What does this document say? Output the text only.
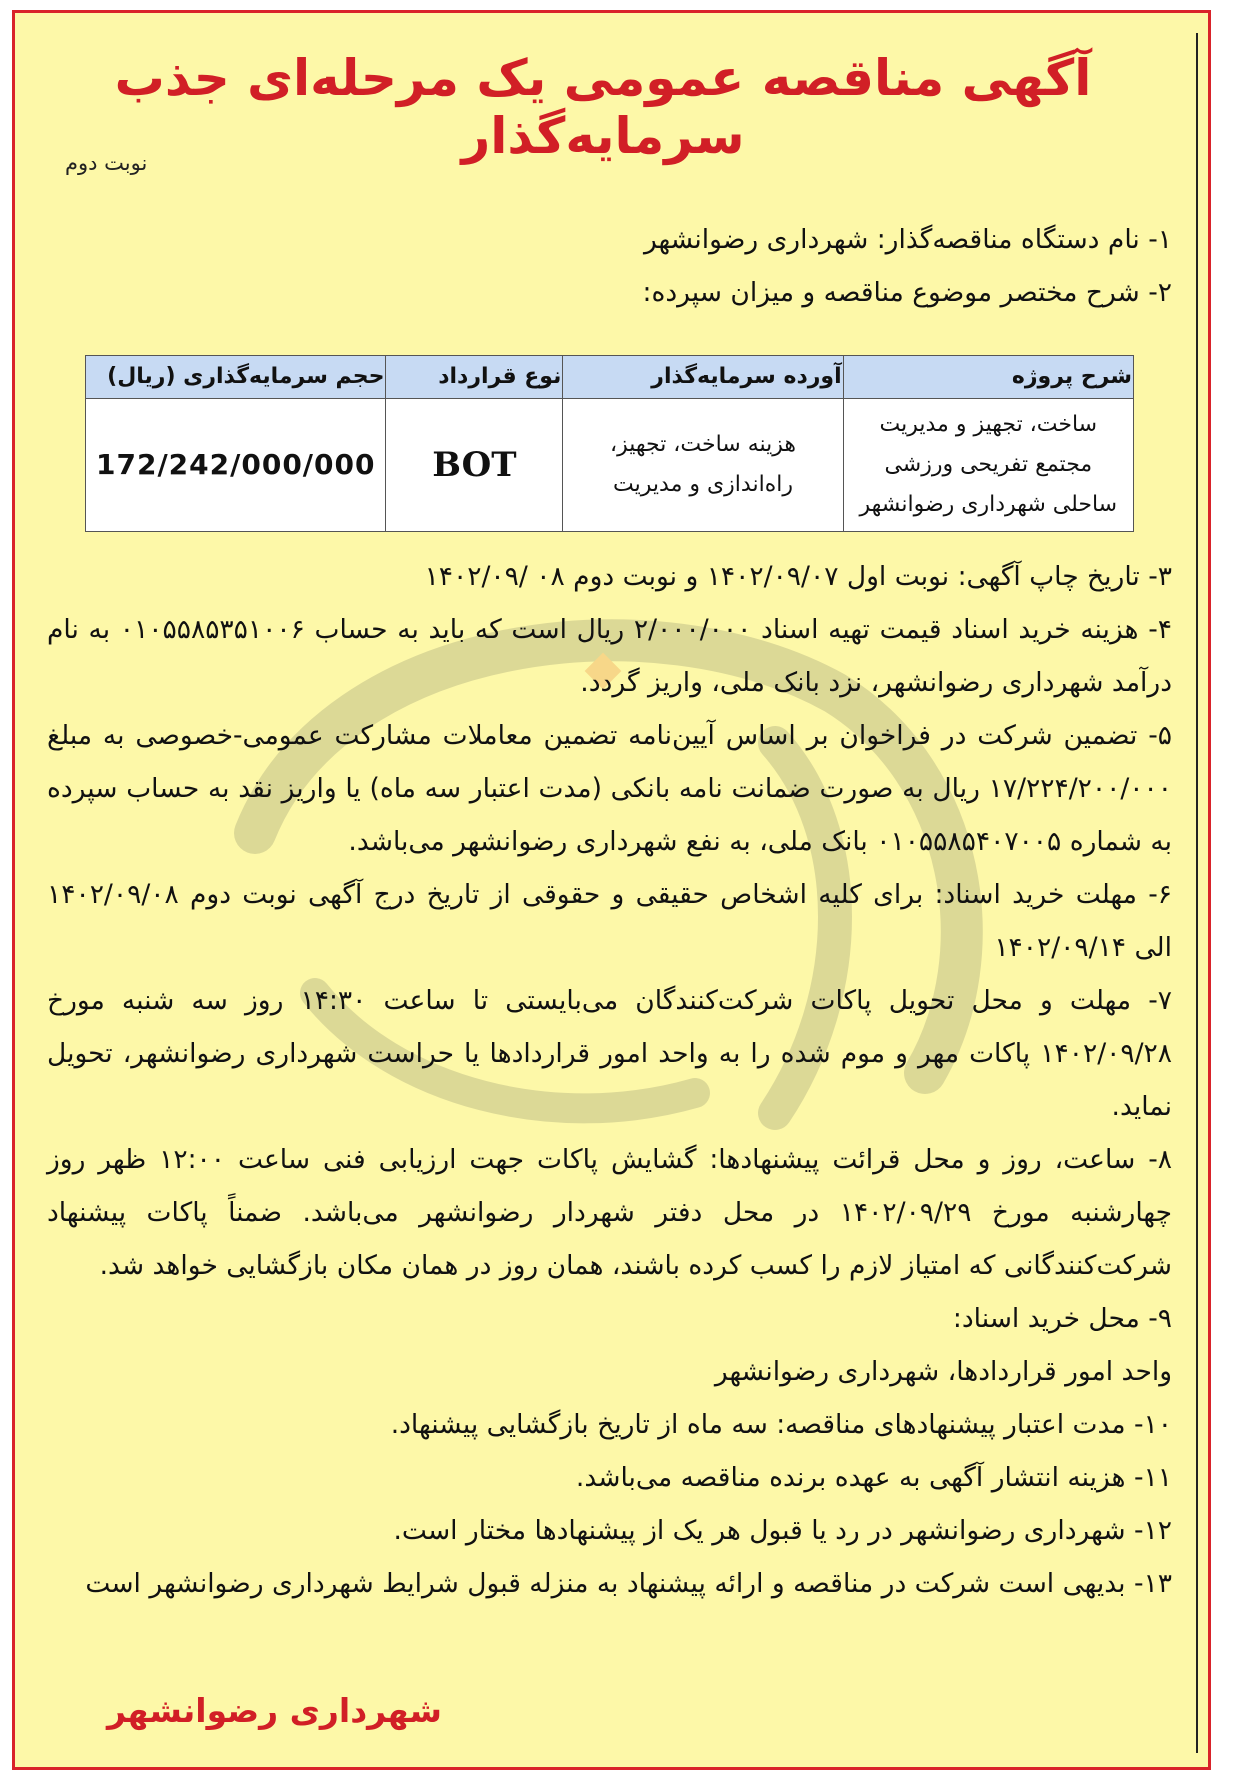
آگهی مناقصه عمومی یک مرحله‌ای جذب سرمایه‌گذار
نوبت دوم

۱- نام دستگاه مناقصه‌گذار: شهرداری رضوانشهر

۲- شرح مختصر موضوع مناقصه و میزان سپرده:

شرح پروژه	آورده سرمایه‌گذار	نوع قرارداد	حجم سرمایه‌گذاری (ریال)
ساخت، تجهیز و مدیریت مجتمع تفریحی ورزشی ساحلی شهرداری رضوانشهر	هزینه ساخت، تجهیز، راه‌اندازی و مدیریت	BOT	172/242/000/000

۳- تاریخ چاپ آگهی: نوبت اول ۱۴۰۲/۰۹/۰۷ و نوبت دوم ۰۸ /۱۴۰۲/۰۹

۴- هزینه خرید اسناد قیمت تهیه اسناد ۲/۰۰۰/۰۰۰ ریال است که باید به حساب ۰۱۰۵۵۸۵۳۵۱۰۰۶ به نام درآمد شهرداری رضوانشهر، نزد بانک ملی، واریز گردد.

۵- تضمین شرکت در فراخوان بر اساس آیین‌نامه تضمین معاملات مشارکت عمومی-خصوصی به مبلغ ۱۷/۲۲۴/۲۰۰/۰۰۰ ریال به صورت ضمانت نامه بانکی (مدت اعتبار سه ماه) یا واریز نقد به حساب سپرده به شماره ۰۱۰۵۵۸۵۴۰۷۰۰۵ بانک ملی، به نفع شهرداری رضوانشهر می‌باشد.

۶- مهلت خرید اسناد: برای کلیه اشخاص حقیقی و حقوقی از تاریخ درج آگهی نوبت دوم ۱۴۰۲/۰۹/۰۸ الی ۱۴۰۲/۰۹/۱۴

۷- مهلت و محل تحویل پاکات شرکت‌کنندگان می‌بایستی تا ساعت ۱۴:۳۰ روز سه شنبه مورخ ۱۴۰۲/۰۹/۲۸ پاکات مهر و موم شده را به واحد امور قراردادها یا حراست شهرداری رضوانشهر، تحویل نماید.

۸- ساعت، روز و محل قرائت پیشنهادها: گشایش پاکات جهت ارزیابی فنی ساعت ۱۲:۰۰ ظهر روز چهارشنبه مورخ ۱۴۰۲/۰۹/۲۹ در محل دفتر شهردار رضوانشهر می‌باشد. ضمناً پاکات پیشنهاد شرکت‌کنندگانی که امتیاز لازم را کسب کرده باشند، همان روز در همان مکان بازگشایی خواهد شد.

۹- محل خرید اسناد:

واحد امور قراردادها، شهرداری رضوانشهر

۱۰- مدت اعتبار پیشنهادهای مناقصه: سه ماه از تاریخ بازگشایی پیشنهاد.

۱۱- هزینه انتشار آگهی به عهده برنده مناقصه می‌باشد.

۱۲- شهرداری رضوانشهر در رد یا قبول هر یک از پیشنهادها مختار است.

۱۳- بدیهی است شرکت در مناقصه و ارائه پیشنهاد به منزله قبول شرایط شهرداری رضوانشهر است

شهرداری رضوانشهر
